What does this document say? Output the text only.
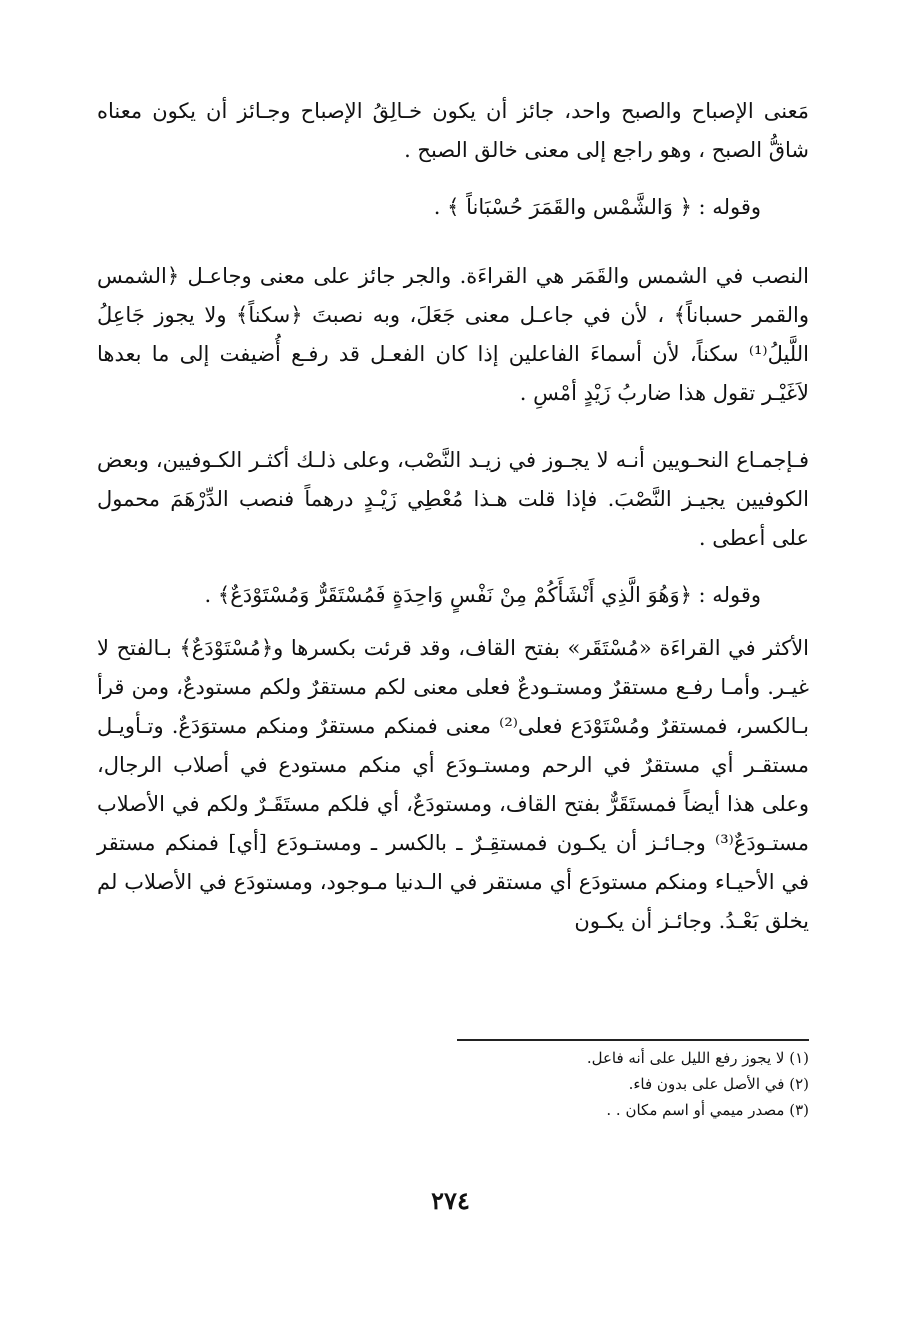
مَعنى الإصباح والصبح واحد، جائز أن يكون خـالِقُ الإصباح وجـائز أن يكون معناه شاقُّ الصبح ، وهو راجع إلى معنى خالق الصبح .

وقوله : ﴿ وَالشَّمْس والقَمَرَ حُسْبَاناً ﴾ .

النصب في الشمس والقَمَر هي القراءَة. والجر جائز على معنى وجاعـل ﴿الشمس والقمر حسباناً﴾ ، لأن في جاعـل معنى جَعَلَ، وبه نصبتَ ﴿سكناً﴾ ولا يجوز جَاعِلُ اللَّيلُ⁽¹⁾ سكناً، لأن أسماءَ الفاعلين إذا كان الفعـل قد رفـع أُضيفت إلى ما بعدها لاَغَيْـر تقول هذا ضاربُ زَيْدٍ أمْسِ .

فـإجمـاع النحـويين أنـه لا يجـوز في زيـد النَّصْب، وعلى ذلـك أكثـر الكـوفيين، وبعض الكوفيين يجيـز النَّصْبَ. فإذا قلت هـذا مُعْطِي زَيْـدٍ درهماً فنصب الدِّرْهَمَ محمول على أعطى .

وقوله : ﴿وَهُوَ الَّذِي أَنْشَأَكُمْ مِنْ نَفْسٍ وَاحِدَةٍ فَمُسْتَقَرٌّ وَمُسْتَوْدَعٌ﴾ .

الأكثر في القراءَة «مُسْتَقَر» بفتح القاف، وقد قرئت بكسرها و﴿مُسْتَوْدَعٌ﴾ بـالفتح لا غيـر. وأمـا رفـع مستقرٌ ومستـودعٌ فعلى معنى لكم مستقرٌ ولكم مستودعٌ، ومن قرأ بـالكسر، فمستقرٌ ومُسْتَوْدَع فعلى⁽²⁾ معنى فمنكم مستقرٌ ومنكم مستوَدَعٌ. وتـأويـل مستقـر أي مستقرٌ في الرحم ومستـودَع أي منكم مستودع في أصلاب الرجال، وعلى هذا أيضاً فمستَقَرٌّ بفتح القاف، ومستودَعٌ، أي فلكم مستَقَـرٌ ولكم في الأصلاب مستـودَعٌ⁽³⁾ وجـائـز أن يكـون فمستقِـرٌ ـ بالكسر ـ ومستـودَع [أي] فمنكم مستقر في الأحيـاء ومنكم مستودَع أي مستقر في الـدنيا مـوجود، ومستودَع في الأصلاب لم يخلق بَعْـدُ. وجائـز أن يكـون

(١) لا يجوز رفع الليل على أنه فاعل.

(٢) في الأصل على بدون فاء.

(٣) مصدر ميمي أو اسم مكان . .

٢٧٤
